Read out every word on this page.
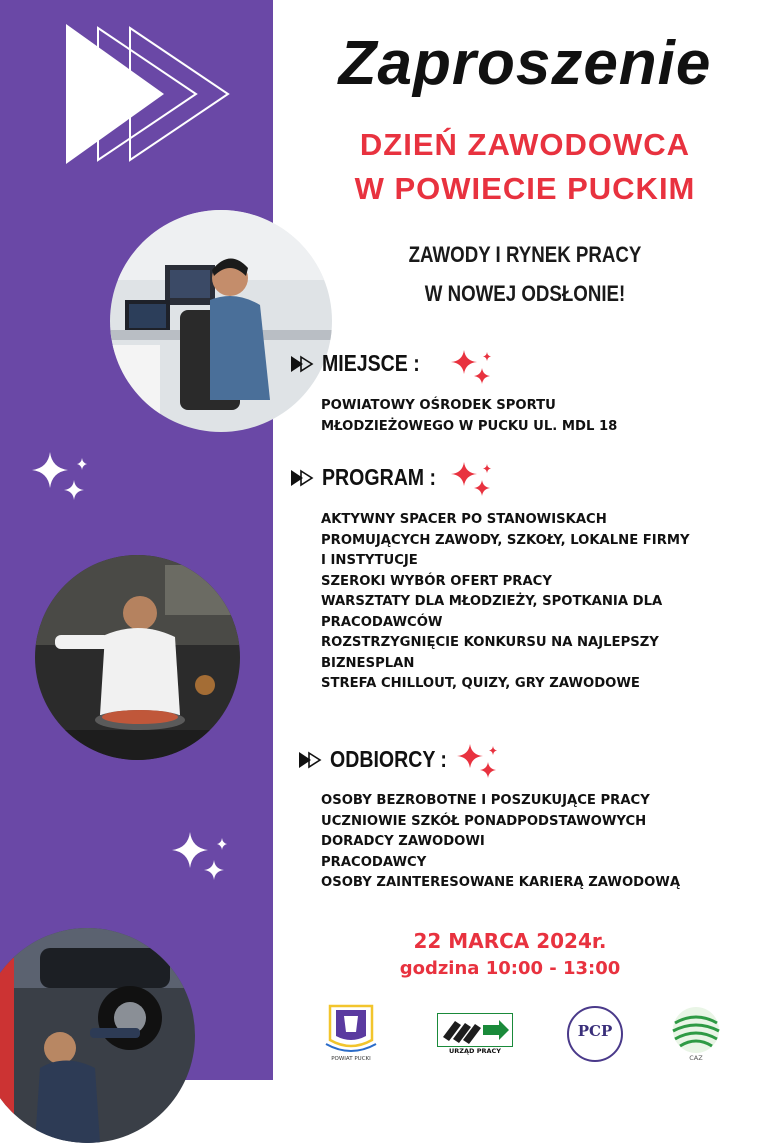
Zaproszenie
DZIEŃ ZAWODOWCA
W POWIECIE PUCKIM
ZAWODY I RYNEK PRACY
W NOWEJ ODSŁONIE!
MIEJSCE :
POWIATOWY OŚRODEK SPORTU
MŁODZIEŻOWEGO W PUCKU UL. MDL 18
PROGRAM :
AKTYWNY SPACER PO STANOWISKACH
PROMUJĄCYCH ZAWODY, SZKOŁY, LOKALNE FIRMY
I INSTYTUCJE
SZEROKI WYBÓR OFERT PRACY
WARSZTATY DLA MŁODZIEŻY, SPOTKANIA DLA
PRACODAWCÓW
ROZSTRZYGNIĘCIE KONKURSU NA NAJLEPSZY
BIZNESPLAN
STREFA CHILLOUT, QUIZY, GRY ZAWODOWE
ODBIORCY :
OSOBY BEZROBOTNE I POSZUKUJĄCE PRACY
UCZNIOWIE SZKÓŁ PONADPODSTAWOWYCH
DORADCY ZAWODOWI
PRACODAWCY
OSOBY ZAINTERESOWANE KARIERĄ ZAWODOWĄ
22 MARCA 2024r.
godzina 10:00 - 13:00
POWIAT PUCKI
URZĄD PRACY
PCP
CAZ
